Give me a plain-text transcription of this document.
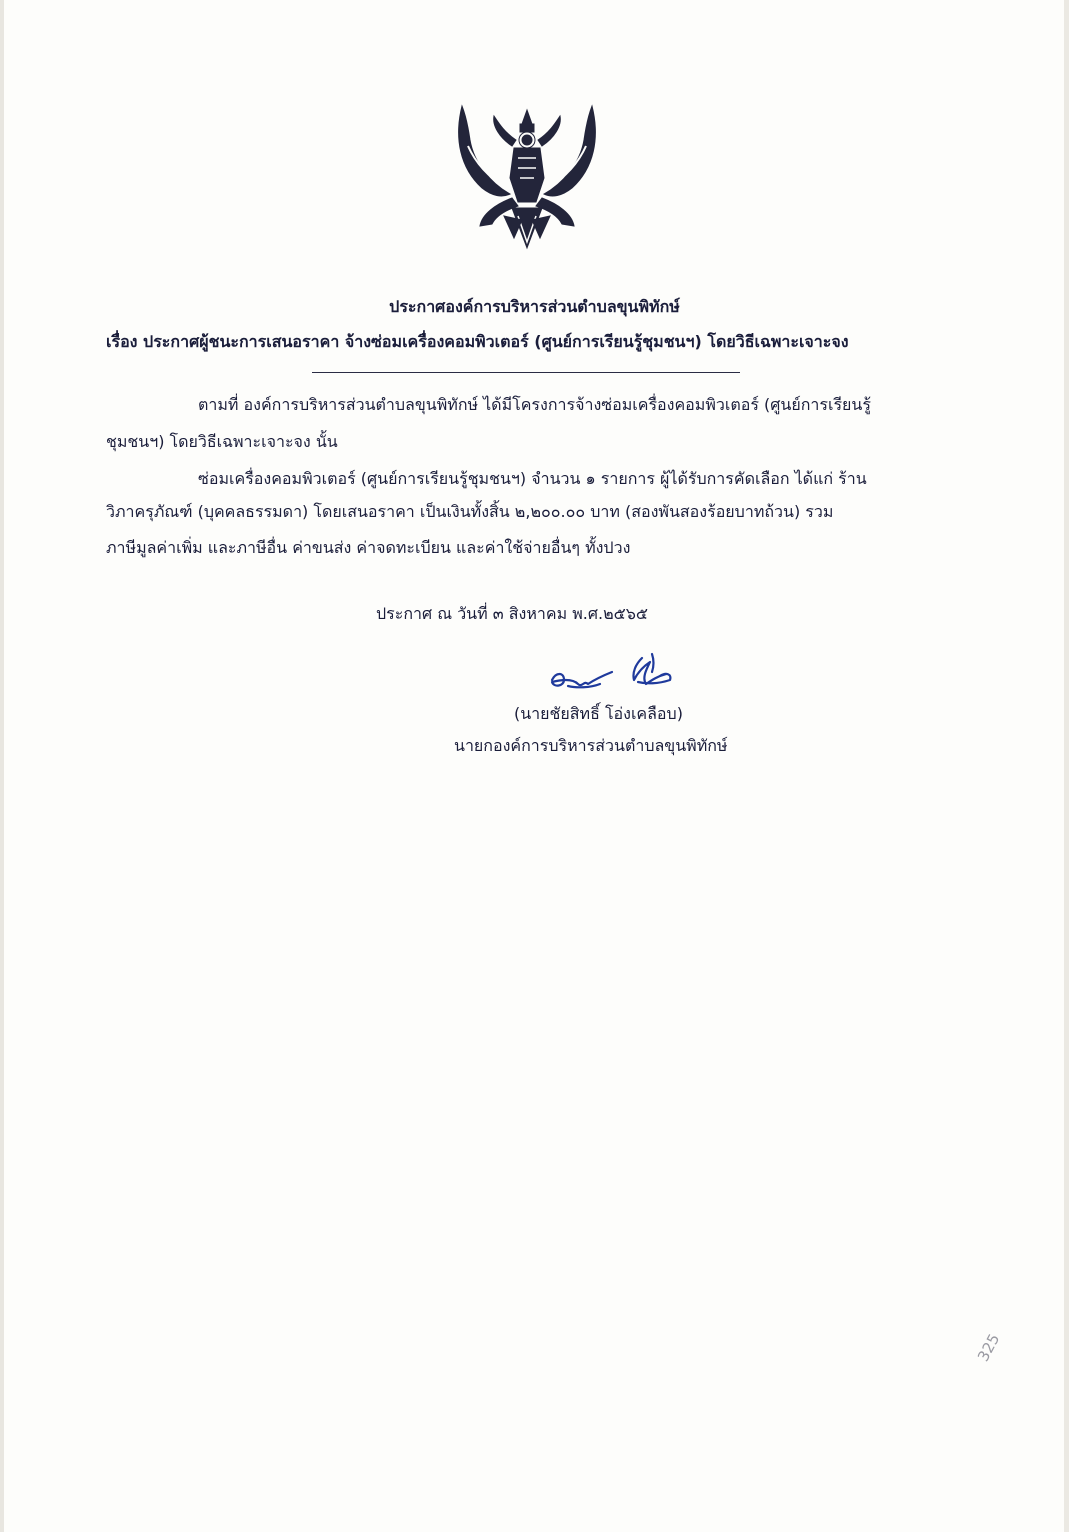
ประกาศองค์การบริหารส่วนตำบลขุนพิทักษ์
เรื่อง ประกาศผู้ชนะการเสนอราคา จ้างซ่อมเครื่องคอมพิวเตอร์ (ศูนย์การเรียนรู้ชุมชนฯ) โดยวิธีเฉพาะเจาะจง
ตามที่ องค์การบริหารส่วนตำบลขุนพิทักษ์ ได้มีโครงการจ้างซ่อมเครื่องคอมพิวเตอร์ (ศูนย์การเรียนรู้
ชุมชนฯ) โดยวิธีเฉพาะเจาะจง นั้น
ซ่อมเครื่องคอมพิวเตอร์ (ศูนย์การเรียนรู้ชุมชนฯ) จำนวน ๑ รายการ ผู้ได้รับการคัดเลือก ได้แก่ ร้าน
วิภาครุภัณฑ์ (บุคคลธรรมดา) โดยเสนอราคา เป็นเงินทั้งสิ้น ๒,๒๐๐.๐๐ บาท (สองพันสองร้อยบาทถ้วน) รวม
ภาษีมูลค่าเพิ่ม และภาษีอื่น ค่าขนส่ง ค่าจดทะเบียน และค่าใช้จ่ายอื่นๆ ทั้งปวง
ประกาศ ณ วันที่ ๓ สิงหาคม พ.ศ.๒๕๖๕
(นายชัยสิทธิ์ โอ่งเคลือบ)
นายกองค์การบริหารส่วนตำบลขุนพิทักษ์
325
